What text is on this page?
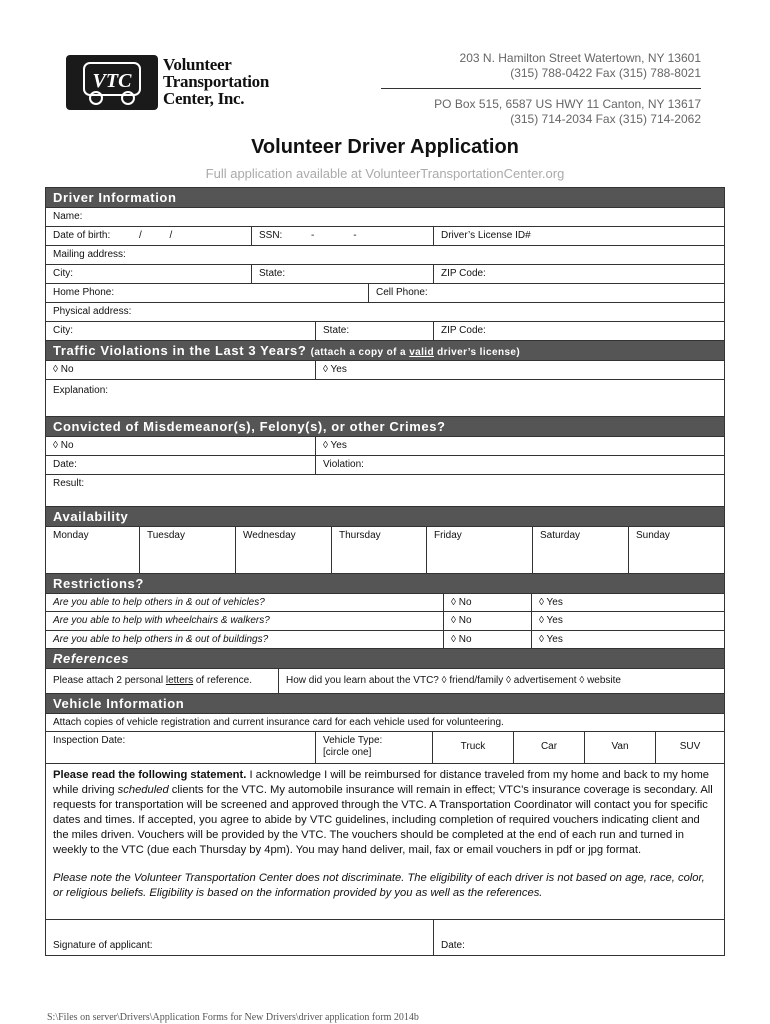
VTC
Volunteer
Transportation
Center, Inc.
203 N. Hamilton Street Watertown, NY 13601
(315) 788-0422 Fax (315) 788-8021
PO Box 515, 6587 US HWY 11 Canton, NY 13617
(315) 714-2034 Fax (315) 714-2062
Volunteer Driver Application
Full application available at VolunteerTransportationCenter.org
Driver Information
Name:
Date of birth:	/          /	SSN:	-              -	Driver’s License ID#
Mailing address:
City:	State:	ZIP Code:
Home Phone:	Cell Phone:
Physical address:
City:	State:	ZIP Code:
Traffic Violations in the Last 3 Years? (attach a copy of a valid driver’s license)
◊ No	◊ Yes
Explanation:
Convicted of Misdemeanor(s), Felony(s), or other Crimes?
◊ No	◊ Yes
Date:	Violation:
Result:
Availability
Monday	Tuesday	Wednesday	Thursday	Friday	Saturday	Sunday
Restrictions?
Are you able to help others in & out of vehicles?	◊ No	◊ Yes
Are you able to help with wheelchairs & walkers?	◊ No	◊ Yes
Are you able to help others in & out of buildings?	◊ No	◊ Yes
References
Please attach 2 personal letters of reference.	How did you learn about the VTC? ◊ friend/family ◊ advertisement ◊ website
Vehicle Information
Attach copies of vehicle registration and current insurance card for each vehicle used for volunteering.
Inspection Date:	Vehicle Type:
[circle one]
Truck	Car	Van	SUV

Please read the following statement. I acknowledge I will be reimbursed for distance traveled from my home and back to my home while driving scheduled clients for the VTC. My automobile insurance will remain in effect; VTC’s insurance coverage is secondary. All requests for transportation will be screened and approved through the VTC. A Transportation Coordinator will contact you for specific dates and times. If accepted, you agree to abide by VTC guidelines, including completion of required vouchers indicating client and the miles driven. Vouchers will be provided by the VTC. The vouchers should be completed at the end of each run and turned in weekly to the VTC (due each Thursday by 4pm). You may hand deliver, mail, fax or email vouchers in pdf or jpg format.

Please note the Volunteer Transportation Center does not discriminate. The eligibility of each driver is not based on age, race, color, or religious beliefs. Eligibility is based on the information provided by you as well as the references.

Signature of applicant:	Date:
S:\Files on server\Drivers\Application Forms for New Drivers\driver application form 2014b
